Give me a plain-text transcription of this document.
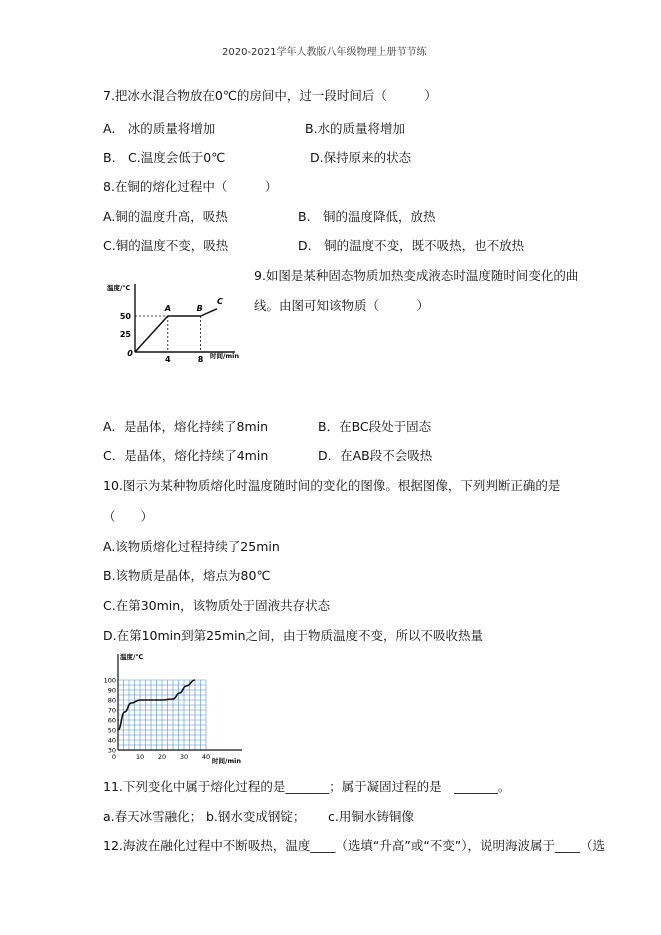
2020-2021学年人教版八年级物理上册节节练
7.把冰水混合物放在0℃的房间中，过一段时间后（　　　）
A.　冰的质量将增加	B.水的质量将增加
B.　C.温度会低于0℃	D.保持原来的状态
8.在铜的熔化过程中（　　　）
A.铜的温度升高，吸热	B.　铜的温度降低，放热
C.铜的温度不变，吸热	D.　铜的温度不变，既不吸热，也不放热
9.如图是某种固态物质加热变成液态时温度随时间变化的曲
线。由图可知该物质（　　　）
温度/℃
时间/min
25
50
0
4	8
A	B
C
A．是晶体，熔化持续了8min	B．在BC段处于固态
C．是晶体，熔化持续了4min	D．在AB段不会吸热
10.图示为某种物质熔化时温度随时间的变化的图像。根据图像，下列判断正确的是
（　　）
A.该物质熔化过程持续了25min
B.该物质是晶体，熔点为80℃
C.在第30min，该物质处于固液共存状态
D.在第10min到第25min之间，由于物质温度不变，所以不吸收热量
温度/℃
时间/min
30
40
50
60
70
80
90
100
0	10 20 30 40
11.下列变化中属于熔化过程的是_______；属于凝固过程的是　_______。
a.春天冰雪融化； b.钢水变成钢锭； c.用铜水铸铜像
12.海波在融化过程中不断吸热，温度____（选填“升高”或“不变”），说明海波属于____（选
